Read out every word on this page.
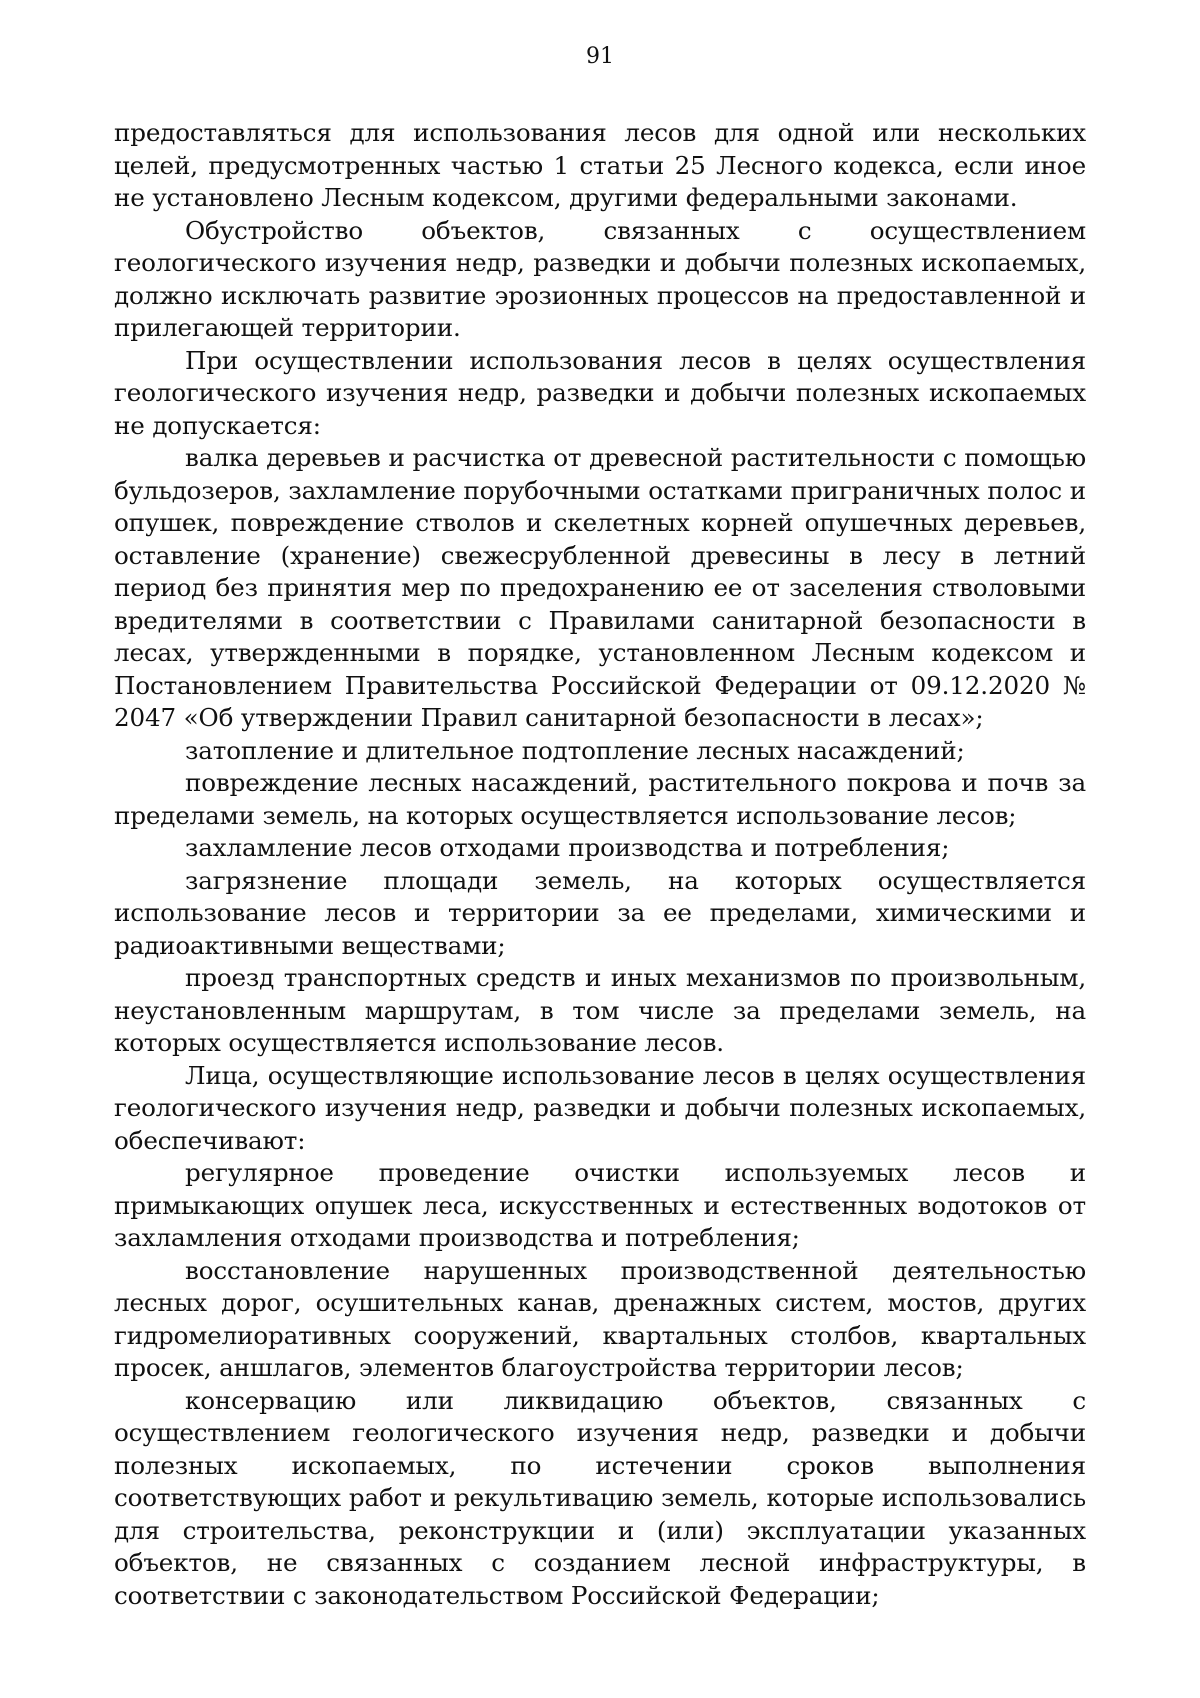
91

предоставляться для использования лесов для одной или нескольких целей, предусмотренных частью 1 статьи 25 Лесного кодекса, если иное не установлено Лесным кодексом, другими федеральными законами.

Обустройство объектов, связанных с осуществлением геологического изучения недр, разведки и добычи полезных ископаемых, должно исключать развитие эрозионных процессов на предоставленной и прилегающей территории.

При осуществлении использования лесов в целях осуществления геологического изучения недр, разведки и добычи полезных ископаемых не допускается:

валка деревьев и расчистка от древесной растительности с помощью бульдозеров, захламление порубочными остатками приграничных полос и опушек, повреждение стволов и скелетных корней опушечных деревьев, оставление (хранение) свежесрубленной древесины в лесу в летний период без принятия мер по предохранению ее от заселения стволовыми вредителями в соответствии с Правилами санитарной безопасности в лесах, утвержденными в порядке, установленном Лесным кодексом и Постановлением Правительства Российской Федерации от 09.12.2020 № 2047 «Об утверждении Правил санитарной безопасности в лесах»;

затопление и длительное подтопление лесных насаждений;

повреждение лесных насаждений, растительного покрова и почв за пределами земель, на которых осуществляется использование лесов;

захламление лесов отходами производства и потребления;

загрязнение площади земель, на которых осуществляется использование лесов и территории за ее пределами, химическими и радиоактивными веществами;

проезд транспортных средств и иных механизмов по произвольным, неустановленным маршрутам, в том числе за пределами земель, на которых осуществляется использование лесов.

Лица, осуществляющие использование лесов в целях осуществления геологического изучения недр, разведки и добычи полезных ископаемых, обеспечивают:

регулярное проведение очистки используемых лесов и примыкающих опушек леса, искусственных и естественных водотоков от захламления отходами производства и потребления;

восстановление нарушенных производственной деятельностью лесных дорог, осушительных канав, дренажных систем, мостов, других гидромелиоративных сооружений, квартальных столбов, квартальных просек, аншлагов, элементов благоустройства территории лесов;

консервацию или ликвидацию объектов, связанных с осуществлением геологического изучения недр, разведки и добычи полезных ископаемых, по истечении сроков выполнения соответствующих работ и рекультивацию земель, которые использовались для строительства, реконструкции и (или) эксплуатации указанных объектов, не связанных с созданием лесной инфраструктуры, в соответствии с законодательством Российской Федерации;
